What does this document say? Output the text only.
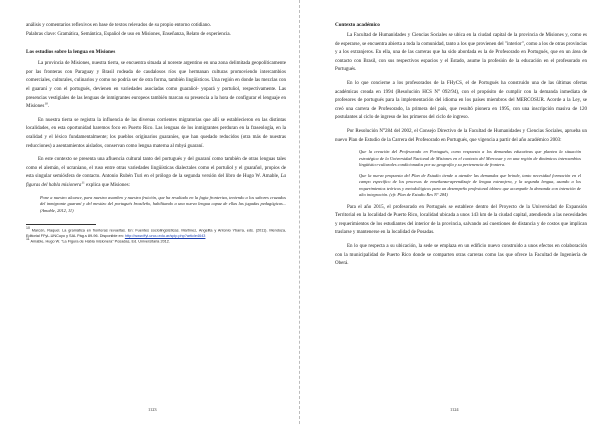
análisis y comentarios reflexivos en base de textos relevados de su propio entorno cotidiano.

Palabras clave: Gramática, Semántica, Español de uso en Misiones, Enseñanza, Relato de experiencia.

Los estudios sobre la lengua en Misiones

La provincia de Misiones, nuestra tierra, se encuentra situada al noreste argentino en una zona delimitada geopolíticamente por las fronteras con Paraguay y Brasil rodeada de caudalosos ríos que hermanan culturas promoviendo intercambios comerciales, culturales, culinarios y como no podría ser de otra forma, también lingüísticos. Una región en donde las mezclas con el guaraní y con el portugués, devienen en variedades asociadas como guarañol- yopará y portuñol, respectivamente. Las presencias vestigiales de las lenguas de inmigrantes europeos también marcan su presencia a la hora de configurar el lenguaje en Misiones$^{10}$.

En nuestra tierra se registra la influencia de las diversas corrientes migratorias que allí se establecieron en las distintas localidades, en esta oportunidad haremos foco en Puerto Rico. Las lenguas de los inmigrantes perduran en la fraseología, en la oralidad y el léxico fundamentalmente; los pueblos originarios guaraníes, que han quedado reducidos (otra más de nuestras reducciones) a asentamientos aislados, conservan como lengua materna al mbyá guaraní.

En este contexto se presenta una afluencia cultural tanto del portugués y del guaraní como también de otras lenguas tales como el alemán, el ucraniano, el ruso entre otras variedades lingüísticas dialectales como el portuñol y el guarañol, propios de esta singular semiósfera de contacto. Antonio Rubén Turi en el prólogo de la segunda versión del libro de Hugo W. Amable, La figuras del habla misionera$^{11}$ explica que Misiones:

Pone a nuestro alcance, para nuestra asombro y nuestra fruición, que ha resultado en la fagia fronteriza, teniendo a los sabores cruzados del inmigrante guaraní y del mestizo del portugués brasileño, habilitando a una nueva lengua capaz de ellas las jugadas pedagógicas... (Amable, 2012, 11)

$^{10}$ Marcón, Raquel. La gramática en fronteras revueltas. En: Fuentes sociolingüísticas. Martínez, Angelita y Antonio Ybarra, eds. (2011). Mendoza, Editorial FFyL-UNCuyo y SAL Pág.s 89-96. Disponible en: http://www.ffyl.uncu.edu.ar/spip.php?article4643

$^{11}$ Amable, Hugo W. "La Figura de Habla misionera" Posadas, Ed. Universitaria 2012.

1123
Contexto académico

La Facultad de Humanidades y Ciencias Sociales se ubica en la ciudad capital de la provincia de Misiones y, como es de esperarse, se encuentra abierta a toda la comunidad, tanto a los que provienen del "interior", como a los de otras provincias y a los extranjeros. En ella, una de las carreras que ha sido abordada es la de Profesorado en Portugués, que en un área de contacto con Brasil, con sus respectivos espacios y el Estado, asume la profesión de la educación en el profesorado en Portugués.

En lo que concierne a los profesorados de la FHyCS, el de Portugués ha construido una de las últimas ofertas académicas creada en 1994 (Resolución HCS N° 092/94), con el propósito de cumplir con la demanda inmediata de profesores de portugués para la implementación del idioma en los países miembros del MERCOSUR. Acorde a la Ley, se creó una carrera de Profesorado, la primera del país, que resultó pionera en 1995, con una inscripción masiva de 120 postulantes al ciclo de ingreso de los primeros del ciclo de ingreso.

Por Resolución N°284 del 2002, el Consejo Directivo de la Facultad de Humanidades y Ciencias Sociales, aprueba un nuevo Plan de Estudio de la Carrera del Profesorado en Portugués, que vigencia a partir del año académico 2003:

Que la creación del Profesorado en Portugués, como respuesta a los demandas educativas que plantea la situación estratégica de la Universidad Nacional de Misiones en el contexto del Mercosur y en una región de dinámicos intercambios lingüístico-culturales condicionados por su geografía y su pertenencia de frontera.
Que la nueva propuesta del Plan de Estudio tiende a atender las demandas que brinde, tanto necesidad formación en el campo específico de los procesos de enseñanza-aprendizaje de lengua extranjera, y la segunda lengua, usando a los requerimientos teóricos y metodológicos para un desempeño profesional idóneo que acompañe la demanda con intención de alto integración. (cfr. Plan de Estudio Res N° 284)

Para el año 2015, el profesorado en Portugués se establece dentro del Proyecto de la Universidad de Expansión Territorial en la localidad de Puerto Rico, localidad ubicada a unos 143 km de la ciudad capital, atendiendo a las necesidades y requerimientos de los estudiantes del interior de la provincia, salvando así cuestiones de distancia y de costos que implican traslarse y mantenerse en la localidad de Posadas.

En lo que respecta a su ubicación, la sede se emplaza en un edificio nuevo construido a unos efectos en colaboración con la municipalidad de Puerto Rico donde se comparten otras carreras como las que ofrece la Facultad de Ingeniería de Oberá.

1124
